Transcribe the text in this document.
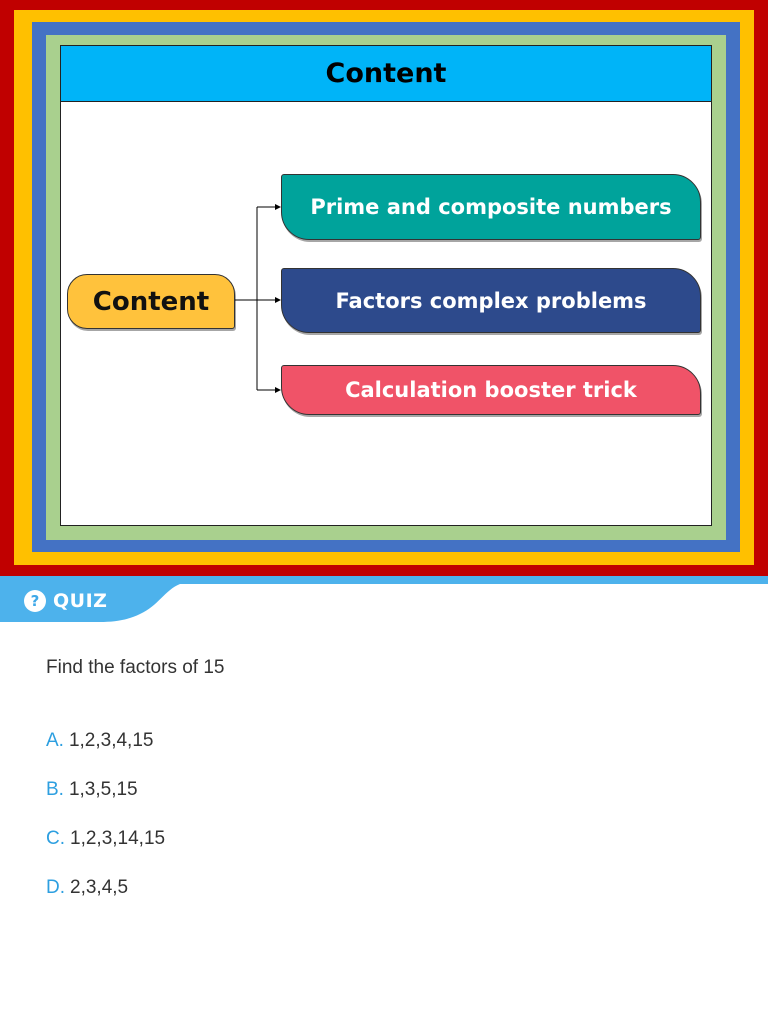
Content
Content
Prime and composite numbers
Factors complex problems
Calculation booster trick
? QUIZ
Find the factors of 15
A. 1,2,3,4,15
B. 1,3,5,15
C. 1,2,3,14,15
D. 2,3,4,5
